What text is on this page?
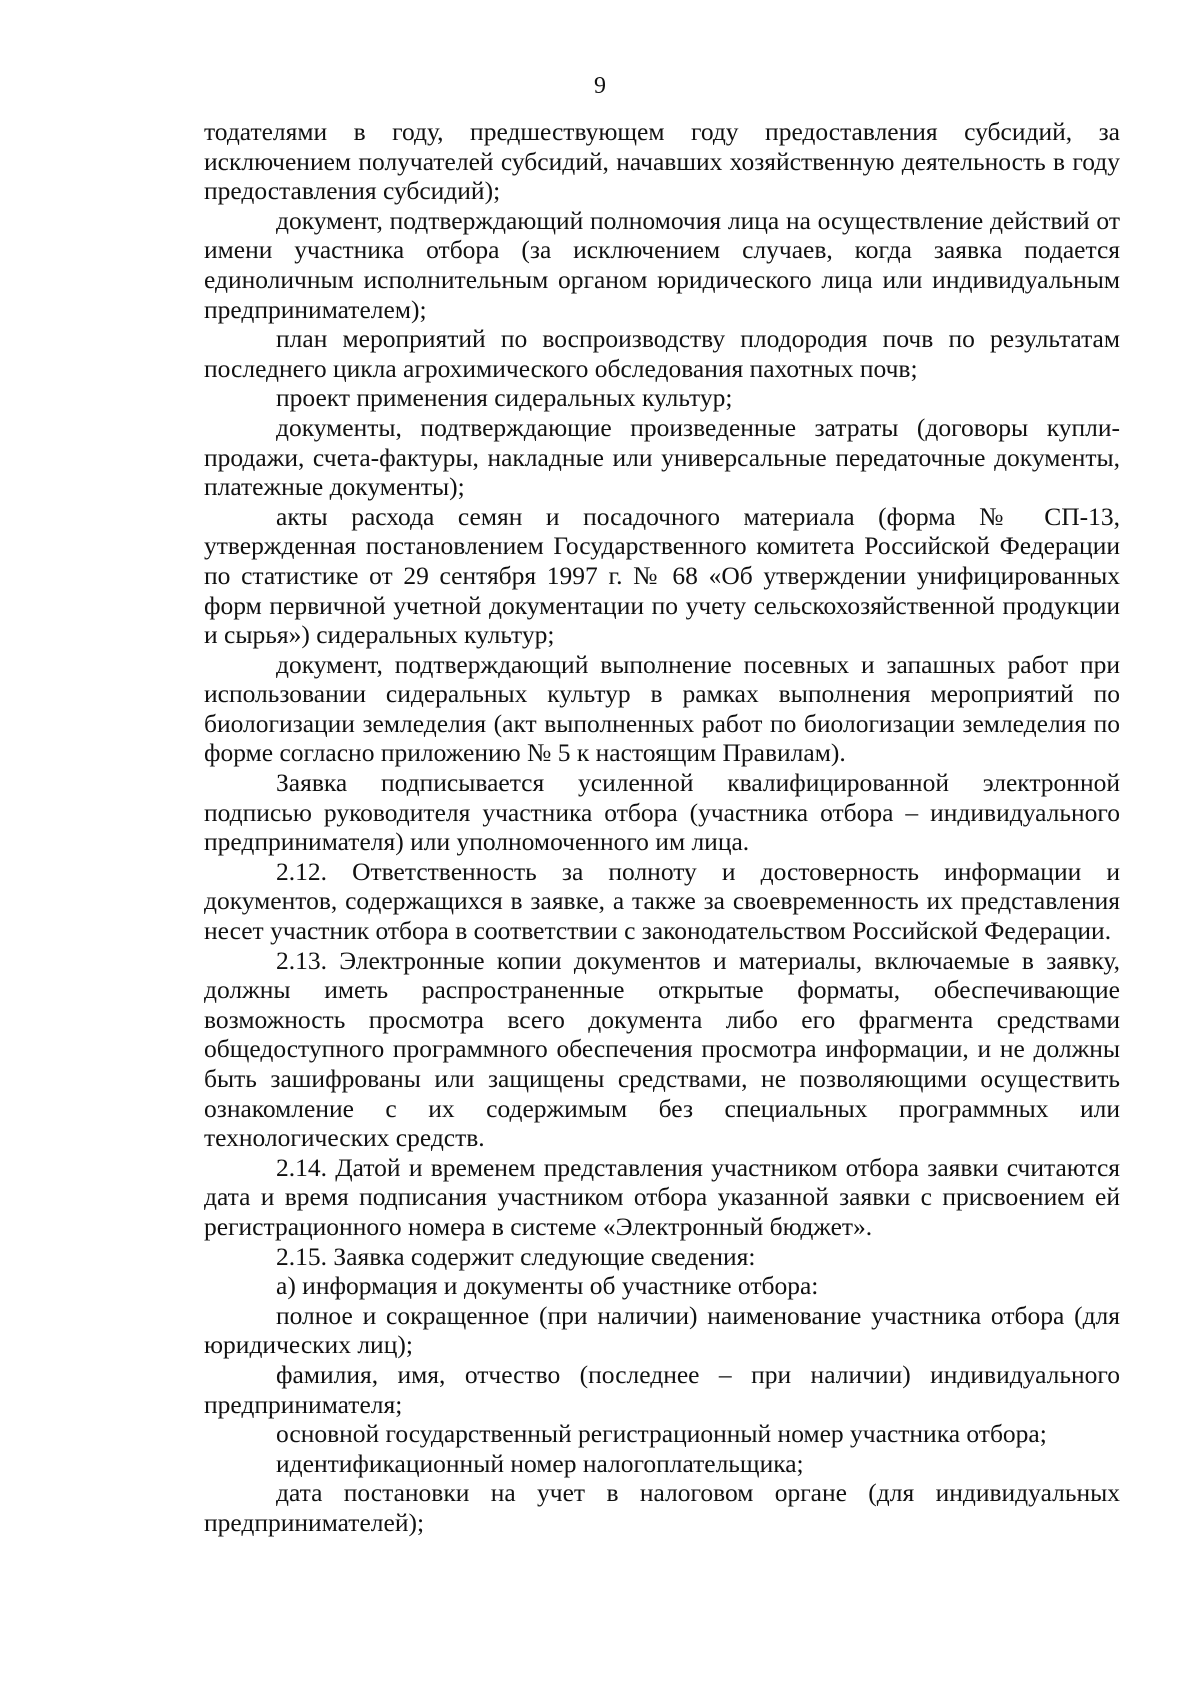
9

тодателями в году, предшествующем году предоставления субсидий, за исключением получателей субсидий, начавших хозяйственную деятельность в году предоставления субсидий);

документ, подтверждающий полномочия лица на осуществление действий от имени участника отбора (за исключением случаев, когда заявка подается единоличным исполнительным органом юридического лица или индивидуальным предпринимателем);

план мероприятий по воспроизводству плодородия почв по результатам последнего цикла агрохимического обследования пахотных почв;

проект применения сидеральных культур;

документы, подтверждающие произведенные затраты (договоры купли-продажи, счета-фактуры, накладные или универсальные передаточные документы, платежные документы);

акты расхода семян и посадочного материала (форма № СП-13, утвержденная постановлением Государственного комитета Российской Федерации по статистике от 29 сентября 1997 г. № 68 «Об утверждении унифицированных форм первичной учетной документации по учету сельскохозяйственной продукции и сырья») сидеральных культур;

документ, подтверждающий выполнение посевных и запашных работ при использовании сидеральных культур в рамках выполнения мероприятий по биологизации земледелия (акт выполненных работ по биологизации земледелия по форме согласно приложению № 5 к настоящим Правилам).

Заявка подписывается усиленной квалифицированной электронной подписью руководителя участника отбора (участника отбора – индивидуального предпринимателя) или уполномоченного им лица.

2.12. Ответственность за полноту и достоверность информации и документов, содержащихся в заявке, а также за своевременность их представления несет участник отбора в соответствии с законодательством Российской Федерации.

2.13. Электронные копии документов и материалы, включаемые в заявку, должны иметь распространенные открытые форматы, обеспечивающие возможность просмотра всего документа либо его фрагмента средствами общедоступного программного обеспечения просмотра информации, и не должны быть зашифрованы или защищены средствами, не позволяющими осуществить ознакомление с их содержимым без специальных программных или технологических средств.

2.14. Датой и временем представления участником отбора заявки считаются дата и время подписания участником отбора указанной заявки с присвоением ей регистрационного номера в системе «Электронный бюджет».

2.15. Заявка содержит следующие сведения:

а) информация и документы об участнике отбора:

полное и сокращенное (при наличии) наименование участника отбора (для юридических лиц);

фамилия, имя, отчество (последнее – при наличии) индивидуального предпринимателя;

основной государственный регистрационный номер участника отбора;

идентификационный номер налогоплательщика;

дата постановки на учет в налоговом органе (для индивидуальных предпринимателей);
